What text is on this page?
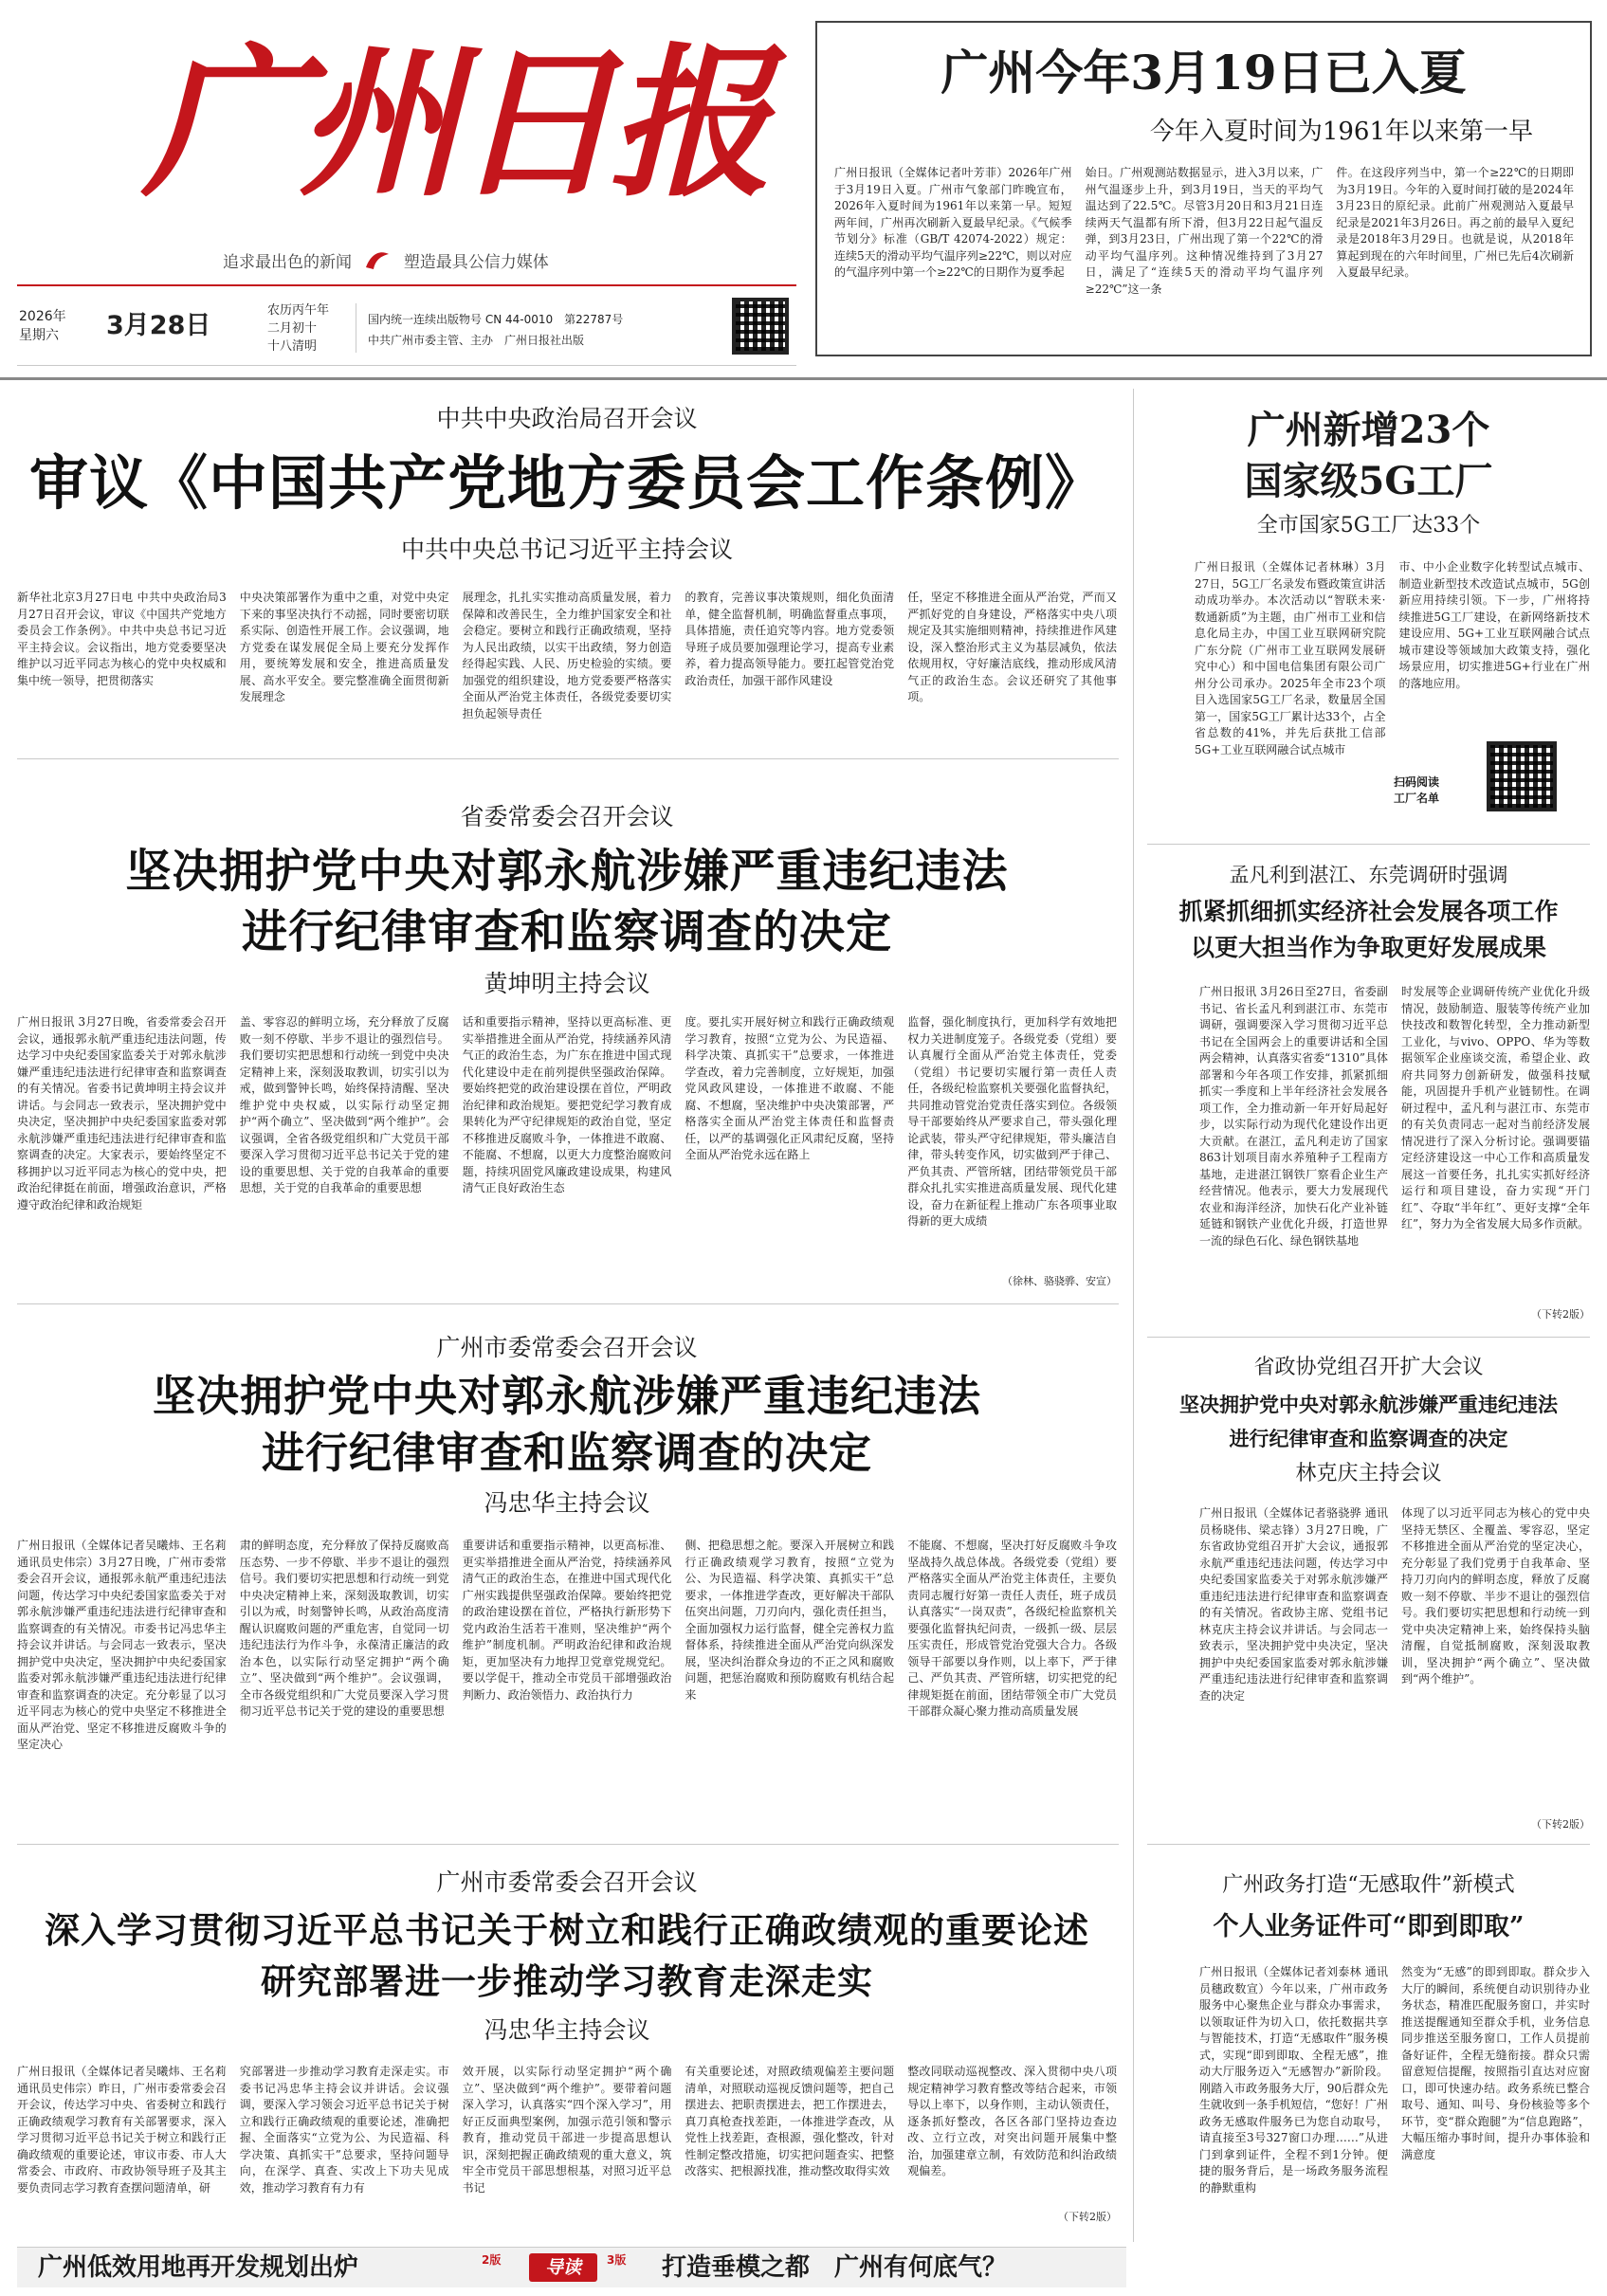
广州日报
追求最出色的新闻	塑造最具公信力媒体
2026年
星期六 3月28日
农历丙午年
二月初十
十八清明
国内统一连续出版物号 CN 44-0010　第22787号
中共广州市委主管、主办　广州日报社出版
广州今年3月19日已入夏
今年入夏时间为1961年以来第一早
广州日报讯（全媒体记者叶芳菲）2026年广州于3月19日入夏。广州市气象部门昨晚宣布，2026年入夏时间为1961年以来第一早。短短两年间，广州再次刷新入夏最早纪录。《气候季节划分》标准（GB/T 42074-2022）规定：连续5天的滑动平均气温序列≥22℃，则以对应的气温序列中第一个≥22℃的日期作为夏季起
始日。广州观测站数据显示，进入3月以来，广州气温逐步上升，到3月19日，当天的平均气温达到了22.5℃。尽管3月20日和3月21日连续两天气温都有所下滑，但3月22日起气温反弹，到3月23日，广州出现了第一个22℃的滑动平均气温序列。这种情况维持到了3月27日，满足了“连续5天的滑动平均气温序列≥22℃”这一条
件。在这段序列当中，第一个≥22℃的日期即为3月19日。今年的入夏时间打破的是2024年3月23日的原纪录。此前广州观测站入夏最早纪录是2021年3月26日。再之前的最早入夏纪录是2018年3月29日。也就是说，从2018年算起到现在的六年时间里，广州已先后4次刷新入夏最早纪录。
中共中央政治局召开会议
审议《中国共产党地方委员会工作条例》
中共中央总书记习近平主持会议
新华社北京3月27日电 中共中央政治局3月27日召开会议，审议《中国共产党地方委员会工作条例》。中共中央总书记习近平主持会议。会议指出，地方党委要坚决维护以习近平同志为核心的党中央权威和集中统一领导，把贯彻落实
中央决策部署作为重中之重，对党中央定下来的事坚决执行不动摇，同时要密切联系实际、创造性开展工作。会议强调，地方党委在谋发展促全局上要充分发挥作用，要统筹发展和安全，推进高质量发展、高水平安全。要完整准确全面贯彻新发展理念
展理念，扎扎实实推动高质量发展，着力保障和改善民生，全力维护国家安全和社会稳定。要树立和践行正确政绩观，坚持为人民出政绩，以实干出政绩，努力创造经得起实践、人民、历史检验的实绩。要加强党的组织建设，地方党委要严格落实全面从严治党主体责任，各级党委要切实担负起领导责任
的教育，完善议事决策规则，细化负面清单，健全监督机制，明确监督重点事项，具体措施，责任追究等内容。地方党委领导班子成员要加强理论学习，提高专业素养，着力提高领导能力。要扛起管党治党政治责任，加强干部作风建设
任，坚定不移推进全面从严治党，严而又严抓好党的自身建设，严格落实中央八项规定及其实施细则精神，持续推进作风建设，深入整治形式主义为基层减负，依法依规用权，守好廉洁底线，推动形成风清气正的政治生态。会议还研究了其他事项。
省委常委会召开会议
坚决拥护党中央对郭永航涉嫌严重违纪违法
进行纪律审查和监察调查的决定
黄坤明主持会议
广州日报讯 3月27日晚，省委常委会召开会议，通报郭永航严重违纪违法问题，传达学习中央纪委国家监委关于对郭永航涉嫌严重违纪违法进行纪律审查和监察调查的有关情况。省委书记黄坤明主持会议并讲话。与会同志一致表示，坚决拥护党中央决定，坚决拥护中央纪委国家监委对郭永航涉嫌严重违纪违法进行纪律审查和监察调查的决定。大家表示，要始终坚定不移拥护以习近平同志为核心的党中央，把政治纪律挺在前面，增强政治意识，严格遵守政治纪律和政治规矩
盖、零容忍的鲜明立场，充分释放了反腐败一刻不停歇、半步不退让的强烈信号。我们要切实把思想和行动统一到党中央决定精神上来，深刻汲取教训，切实引以为戒，做到警钟长鸣，始终保持清醒、坚决维护党中央权威，以实际行动坚定拥护“两个确立”、坚决做到“两个维护”。会议强调，全省各级党组织和广大党员干部要深入学习贯彻习近平总书记关于党的建设的重要思想、关于党的自我革命的重要思想，关于党的自我革命的重要思想
话和重要指示精神，坚持以更高标准、更实举措推进全面从严治党，持续涵养风清气正的政治生态，为广东在推进中国式现代化建设中走在前列提供坚强政治保障。要始终把党的政治建设摆在首位，严明政治纪律和政治规矩。要把党纪学习教育成果转化为严守纪律规矩的政治自觉，坚定不移推进反腐败斗争，一体推进不敢腐、不能腐、不想腐，以更大力度整治腐败问题，持续巩固党风廉政建设成果，构建风清气正良好政治生态
度。要扎实开展好树立和践行正确政绩观学习教育，按照“立党为公、为民造福、科学决策、真抓实干”总要求，一体推进学查改，着力完善制度，立好规矩，加强党风政风建设，一体推进不敢腐、不能腐、不想腐，坚决维护中央决策部署，严格落实全面从严治党主体责任和监督责任，以严的基调强化正风肃纪反腐，坚持全面从严治党永远在路上
监督，强化制度执行，更加科学有效地把权力关进制度笼子。各级党委（党组）要认真履行全面从严治党主体责任，党委（党组）书记要切实履行第一责任人责任，各级纪检监察机关要强化监督执纪，共同推动管党治党责任落实到位。各级领导干部要始终从严要求自己，带头强化理论武装，带头严守纪律规矩，带头廉洁自律，带头转变作风，切实做到严于律己、严负其责、严管所辖，团结带领党员干部群众扎扎实实推进高质量发展、现代化建设，奋力在新征程上推动广东各项事业取得新的更大成绩
（徐林、骆骁骅、安宣）
广州市委常委会召开会议
坚决拥护党中央对郭永航涉嫌严重违纪违法
进行纪律审查和监察调查的决定
冯忠华主持会议
广州日报讯（全媒体记者吴曦炜、王名莉 通讯员史伟宗）3月27日晚，广州市委常委会召开会议，通报郭永航严重违纪违法问题，传达学习中央纪委国家监委关于对郭永航涉嫌严重违纪违法进行纪律审查和监察调查的有关情况。市委书记冯忠华主持会议并讲话。与会同志一致表示，坚决拥护党中央决定，坚决拥护中央纪委国家监委对郭永航涉嫌严重违纪违法进行纪律审查和监察调查的决定。充分彰显了以习近平同志为核心的党中央坚定不移推进全面从严治党、坚定不移推进反腐败斗争的坚定决心
肃的鲜明态度，充分释放了保持反腐败高压态势、一步不停歇、半步不退让的强烈信号。我们要切实把思想和行动统一到党中央决定精神上来，深刻汲取教训，切实引以为戒，时刻警钟长鸣，从政治高度清醒认识腐败问题的严重危害，自觉同一切违纪违法行为作斗争，永葆清正廉洁的政治本色，以实际行动坚定拥护“两个确立”、坚决做到“两个维护”。会议强调，全市各级党组织和广大党员要深入学习贯彻习近平总书记关于党的建设的重要思想
重要讲话和重要指示精神，以更高标准、更实举措推进全面从严治党，持续涵养风清气正的政治生态，在推进中国式现代化广州实践提供坚强政治保障。要始终把党的政治建设摆在首位，严格执行新形势下党内政治生活若干准则，坚决维护“两个维护”制度机制。严明政治纪律和政治规矩，更加坚决有力地捍卫党章党规党纪。要以学促干，推动全市党员干部增强政治判断力、政治领悟力、政治执行力
侧、把稳思想之舵。要深入开展树立和践行正确政绩观学习教育，按照“立党为公、为民造福、科学决策、真抓实干”总要求，一体推进学查改，更好解决干部队伍突出问题，刀刃向内，强化责任担当，全面加强权力运行监督，健全完善权力监督体系，持续推进全面从严治党向纵深发展，坚决纠治群众身边的不正之风和腐败问题，把惩治腐败和预防腐败有机结合起来
不能腐、不想腐，坚决打好反腐败斗争攻坚战持久战总体战。各级党委（党组）要严格落实全面从严治党主体责任，主要负责同志履行好第一责任人责任，班子成员认真落实“一岗双责”，各级纪检监察机关要强化监督执纪问责，一级抓一级、层层压实责任，形成管党治党强大合力。各级领导干部要以身作则，以上率下，严于律己、严负其责、严管所辖，切实把党的纪律规矩挺在前面，团结带领全市广大党员干部群众凝心聚力推动高质量发展
广州市委常委会召开会议
深入学习贯彻习近平总书记关于树立和践行正确政绩观的重要论述
研究部署进一步推动学习教育走深走实
冯忠华主持会议
广州日报讯（全媒体记者吴曦炜、王名莉 通讯员史伟宗）昨日，广州市委常委会召开会议，传达学习中央、省委树立和践行正确政绩观学习教育有关部署要求，深入学习贯彻习近平总书记关于树立和践行正确政绩观的重要论述，审议市委、市人大常委会、市政府、市政协领导班子及其主要负责同志学习教育查摆问题清单，研
究部署进一步推动学习教育走深走实。市委书记冯忠华主持会议并讲话。会议强调，要深入学习领会习近平总书记关于树立和践行正确政绩观的重要论述，准确把握、全面落实“立党为公、为民造福、科学决策、真抓实干”总要求，坚持问题导向，在深学、真查、实改上下功夫见成效，推动学习教育有力有
效开展，以实际行动坚定拥护“两个确立”、坚决做到“两个维护”。要带着问题深入学习，认真落实“四个深入学习”，用好正反面典型案例，加强示范引领和警示教育，推动党员干部进一步提高思想认识，深刻把握正确政绩观的重大意义，筑牢全市党员干部思想根基，对照习近平总书记
有关重要论述，对照政绩观偏差主要问题清单，对照联动巡视反馈问题等，把自己摆进去、把职责摆进去，把工作摆进去，真刀真枪查找差距，一体推进学查改，从党性上找差距，查根源，强化整改，针对性制定整改措施，切实把问题查实、把整改落实、把根源找准，推动整改取得实效
整改同联动巡视整改、深入贯彻中央八项规定精神学习教育整改等结合起来，市领导以上率下，以身作则，主动认领责任，逐条抓好整改，各区各部门坚持边查边改、立行立改，对突出问题开展集中整治，加强建章立制，有效防范和纠治政绩观偏差。
（下转2版）
广州新增23个
国家级5G工厂
全市国家5G工厂达33个
广州日报讯（全媒体记者林琳）3月27日，5G工厂名录发布暨政策宣讲活动成功举办。本次活动以“智联未来·数通新质”为主题，由广州市工业和信息化局主办，中国工业互联网研究院广东分院（广州市工业互联网发展研究中心）和中国电信集团有限公司广州分公司承办。2025年全市23个项目入选国家5G工厂名录，数量居全国第一，国家5G工厂累计达33个，占全省总数的41%，并先后获批工信部5G+工业互联网融合试点城市
市、中小企业数字化转型试点城市、制造业新型技术改造试点城市，5G创新应用持续引领。下一步，广州将持续推进5G工厂建设，在新网络新技术建设应用、5G+工业互联网融合试点城市建设等领域加大政策支持，强化场景应用，切实推进5G+行业在广州的落地应用。
扫码阅读
工厂名单
孟凡利到湛江、东莞调研时强调
抓紧抓细抓实经济社会发展各项工作
以更大担当作为争取更好发展成果
广州日报讯 3月26日至27日，省委副书记、省长孟凡利到湛江市、东莞市调研，强调要深入学习贯彻习近平总书记在全国两会上的重要讲话和全国两会精神，认真落实省委“1310”具体部署和今年各项工作安排，抓紧抓细抓实一季度和上半年经济社会发展各项工作，全力推动新一年开好局起好步，以实际行动为现代化建设作出更大贡献。在湛江，孟凡利走访了国家863计划项目南水养殖种子工程南方基地，走进湛江钢铁厂察看企业生产经营情况。他表示，要大力发展现代农业和海洋经济，加快石化产业补链延链和钢铁产业优化升级，打造世界一流的绿色石化、绿色钢铁基地
时发展等企业调研传统产业优化升级情况，鼓励制造、服装等传统产业加快技改和数智化转型，全力推动新型工业化，与vivo、OPPO、华为等数据领军企业座谈交流，希望企业、政府共同努力创新研发，做强科技赋能，巩固提升手机产业链韧性。在调研过程中，孟凡利与湛江市、东莞市的有关负责同志一起对当前经济发展情况进行了深入分析讨论。强调要锚定经济建设这一中心工作和高质量发展这一首要任务，扎扎实实抓好经济运行和项目建设，奋力实现“开门红”、夺取“半年红”、更好支撑“全年红”，努力为全省发展大局多作贡献。
（下转2版）
省政协党组召开扩大会议
坚决拥护党中央对郭永航涉嫌严重违纪违法
进行纪律审查和监察调查的决定
林克庆主持会议
广州日报讯（全媒体记者骆骁骅 通讯员杨晓伟、梁志锋）3月27日晚，广东省政协党组召开扩大会议，通报郭永航严重违纪违法问题，传达学习中央纪委国家监委关于对郭永航涉嫌严重违纪违法进行纪律审查和监察调查的有关情况。省政协主席、党组书记林克庆主持会议并讲话。与会同志一致表示，坚决拥护党中央决定，坚决拥护中央纪委国家监委对郭永航涉嫌严重违纪违法进行纪律审查和监察调查的决定
体现了以习近平同志为核心的党中央坚持无禁区、全覆盖、零容忍，坚定不移推进全面从严治党的坚定决心，充分彰显了我们党勇于自我革命、坚持刀刃向内的鲜明态度，释放了反腐败一刻不停歇、半步不退让的强烈信号。我们要切实把思想和行动统一到党中央决定精神上来，始终保持头脑清醒，自觉抵制腐败，深刻汲取教训，坚决拥护“两个确立”、坚决做到“两个维护”。
（下转2版）
广州政务打造“无感取件”新模式
个人业务证件可“即到即取”
广州日报讯（全媒体记者刘泰林 通讯员穗政数宣）今年以来，广州市政务服务中心聚焦企业与群众办事需求，以领取证件为切入口，依托数据共享与智能技术，打造“无感取件”服务模式，实现“即到即取、全程无感”，推动大厅服务迈入“无感智办”新阶段。刚踏入市政务服务大厅，90后群众先生就收到一条手机短信，“您好！广州政务无感取件服务已为您自动取号，请直接至3号327窗口办理……”从进门到拿到证件，全程不到1分钟。便捷的服务背后，是一场政务服务流程的静默重构
然变为“无感”的即到即取。群众步入大厅的瞬间，系统便自动识别待办业务状态，精准匹配服务窗口，并实时推送提醒通知至群众手机，业务信息同步推送至服务窗口，工作人员提前备好证件，全程无缝衔接。群众只需留意短信提醒，按照指引直达对应窗口，即可快速办结。政务系统已整合取号、通知、叫号、身份核验等多个环节，变“群众跑腿”为“信息跑路”，大幅压缩办事时间，提升办事体验和满意度
广州低效用地再开发规划出炉	2版	导读	3版 打造垂模之都　广州有何底气？
